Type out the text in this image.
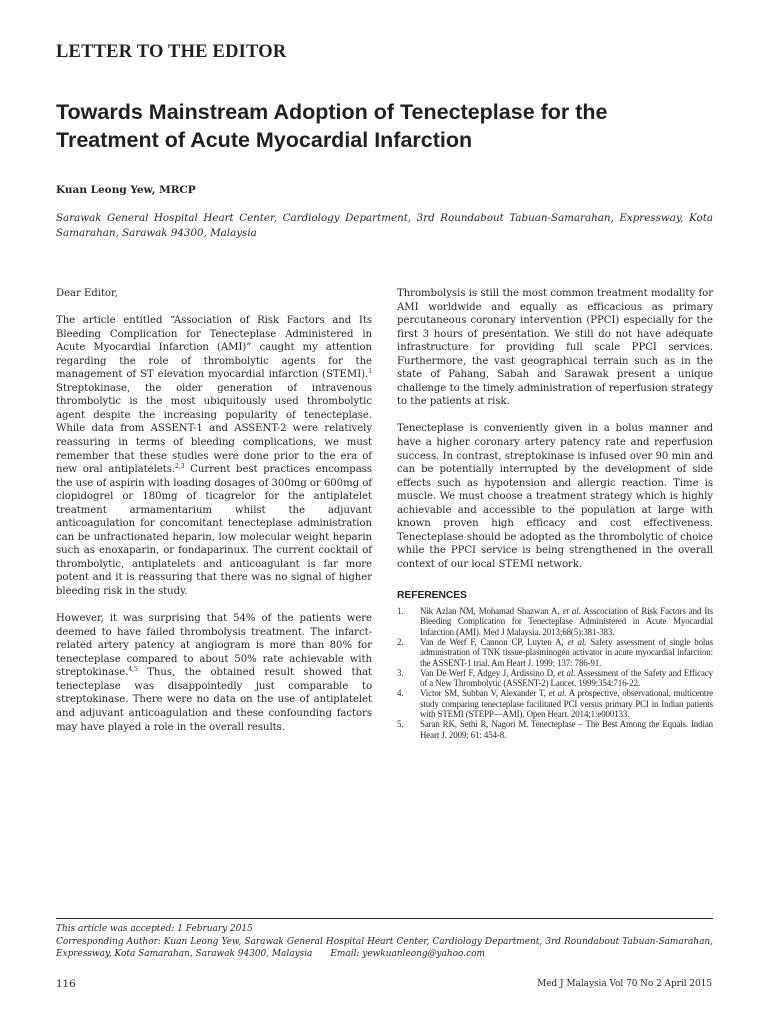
LETTER TO THE EDITOR
Towards Mainstream Adoption of Tenecteplase for the Treatment of Acute Myocardial Infarction
Kuan Leong Yew, MRCP
Sarawak General Hospital Heart Center, Cardiology Department, 3rd Roundabout Tabuan-Samarahan, Expressway, Kota Samarahan, Sarawak 94300, Malaysia

Dear Editor,

The article entitled “Association of Risk Factors and Its Bleeding Complication for Tenecteplase Administered in Acute Myocardial Infarction (AMI)” caught my attention regarding the role of thrombolytic agents for the management of ST elevation myocardial infarction (STEMI).$^1$ Streptokinase, the older generation of intravenous thrombolytic is the most ubiquitously used thrombolytic agent despite the increasing popularity of tenecteplase. While data from ASSENT-1 and ASSENT-2 were relatively reassuring in terms of bleeding complications, we must remember that these studies were done prior to the era of new oral antiplatelets.$^{2,3}$ Current best practices encompass the use of aspirin with loading dosages of 300mg or 600mg of clopidogrel or 180mg of ticagrelor for the antiplatelet treatment armamentarium whilst the adjuvant anticoagulation for concomitant tenecteplase administration can be unfractionated heparin, low molecular weight heparin such as enoxaparin, or fondaparinux. The current cocktail of thrombolytic, antiplatelets and anticoagulant is far more potent and it is reassuring that there was no signal of higher bleeding risk in the study.

However, it was surprising that 54% of the patients were deemed to have failed thrombolysis treatment. The infarct-related artery patency at angiogram is more than 80% for tenecteplase compared to about 50% rate achievable with streptokinase.$^{4,5}$ Thus, the obtained result showed that tenecteplase was disappointedly just comparable to streptokinase. There were no data on the use of antiplatelet and adjuvant anticoagulation and these confounding factors may have played a role in the overall results.

Thrombolysis is still the most common treatment modality for AMI worldwide and equally as efficacious as primary percutaneous coronary intervention (PPCI) especially for the first 3 hours of presentation. We still do not have adequate infrastructure for providing full scale PPCI services. Furthermore, the vast geographical terrain such as in the state of Pahang, Sabah and Sarawak present a unique challenge to the timely administration of reperfusion strategy to the patients at risk.

Tenecteplase is conveniently given in a bolus manner and have a higher coronary artery patency rate and reperfusion success. In contrast, streptokinase is infused over 90 min and can be potentially interrupted by the development of side effects such as hypotension and allergic reaction. Time is muscle. We must choose a treatment strategy which is highly achievable and accessible to the population at large with known proven high efficacy and cost effectiveness. Tenecteplase should be adopted as the thrombolytic of choice while the PPCI service is being strengthened in the overall context of our local STEMI network.

REFERENCES
1. Nik Azlan NM, Mohamad Shazwan A, et al. Asscociation of Risk Factors and Its Bleeding Complication for Tenecteplase Administered in Acute Myocardial Infarction (AMI). Med J Malaysia. 2013;68(5):381-383.
2. Van de Werf F, Cannon CP, Luyten A, et al. Safety assessment of single bolus administration of TNK tissue-plasminogen activator in acute myocardial infarction: the ASSENT-1 trial. Am Heart J. 1999; 137: 786-91.
3. Van De Werf F, Adgey J, Ardissino D, et al. Assessment of the Safety and Efficacy of a New Thrombolytic (ASSENT-2) Lancet. 1999;354:716-22.
4. Victor SM, Subban V, Alexander T, et al. A prospective, observational, multicentre study comparing tenecteplase facilitated PCI versus primary PCI in Indian patients with STEMI (STEPP—AMI). Open Heart. 2014;1:e000133.
5. Saran RK, Sethi R, Nagori M. Tenecteplase – The Best Among the Equals. Indian Heart J. 2009; 61: 454-8.
This article was accepted: 1 February 2015
Corresponding Author: Kuan Leong Yew, Sarawak General Hospital Heart Center, Cardiology Department, 3rd Roundabout Tabuan-Samarahan,
Expressway, Kota Samarahan, Sarawak 94300, Malaysia Email: yewkuanleong@yahoo.com
116	Med J Malaysia Vol 70 No 2 April 2015
